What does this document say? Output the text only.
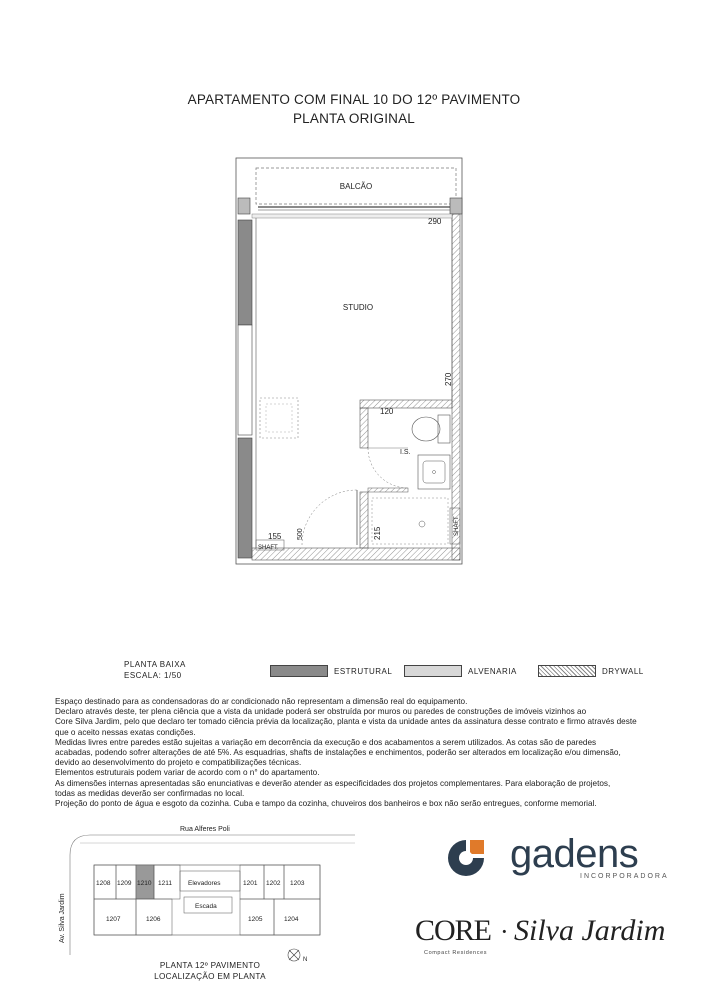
APARTAMENTO COM FINAL 10 DO 12º PAVIMENTO
PLANTA ORIGINAL
BALCÃO
SHAFT
SHAFT
STUDIO
I.S.
290
270
120
155 500	215
PLANTA BAIXA
ESCALA: 1/50	ESTRUTURAL	ALVENARIA	DRYWALL

Espaço destinado para as condensadoras do ar condicionado não representam a dimensão real do equipamento.

Declaro através deste, ter plena ciência que a vista da unidade poderá ser obstruída por muros ou paredes de construções de imóveis vizinhos ao

Core Silva Jardim, pelo que declaro ter tomado ciência prévia da localização, planta e vista da unidade antes da assinatura desse contrato e firmo através deste

que o aceito nessas exatas condições.

Medidas livres entre paredes estão sujeitas a variação em decorrência da execução e dos acabamentos a serem utilizados. As cotas são de paredes

acabadas, podendo sofrer alterações de até 5%. As esquadrias, shafts de instalações e enchimentos, poderão ser alterados em localização e/ou dimensão,

devido ao desenvolvimento do projeto e compatibilizações técnicas.

Elementos estruturais podem variar de acordo com o n° do apartamento.

As dimensões internas apresentadas são enunciativas e deverão atender as especificidades dos projetos complementares. Para elaboração de projetos,

todas as medidas deverão ser confirmadas no local.

Projeção do ponto de água e esgoto da cozinha. Cuba e tampo da cozinha, chuveiros dos banheiros e box não serão entregues, conforme memorial.

Rua Alferes Poli
Av. Silva Jardim
1208 1209 1210 1211 Elevadores
Escada
1201 1202 1203
1207	1206	1205	1204
N
PLANTA 12º PAVIMENTO
LOCALIZAÇÃO EM PLANTA
gadens
INCORPORADORA
CORE · Silva Jardim
Compact Residences
